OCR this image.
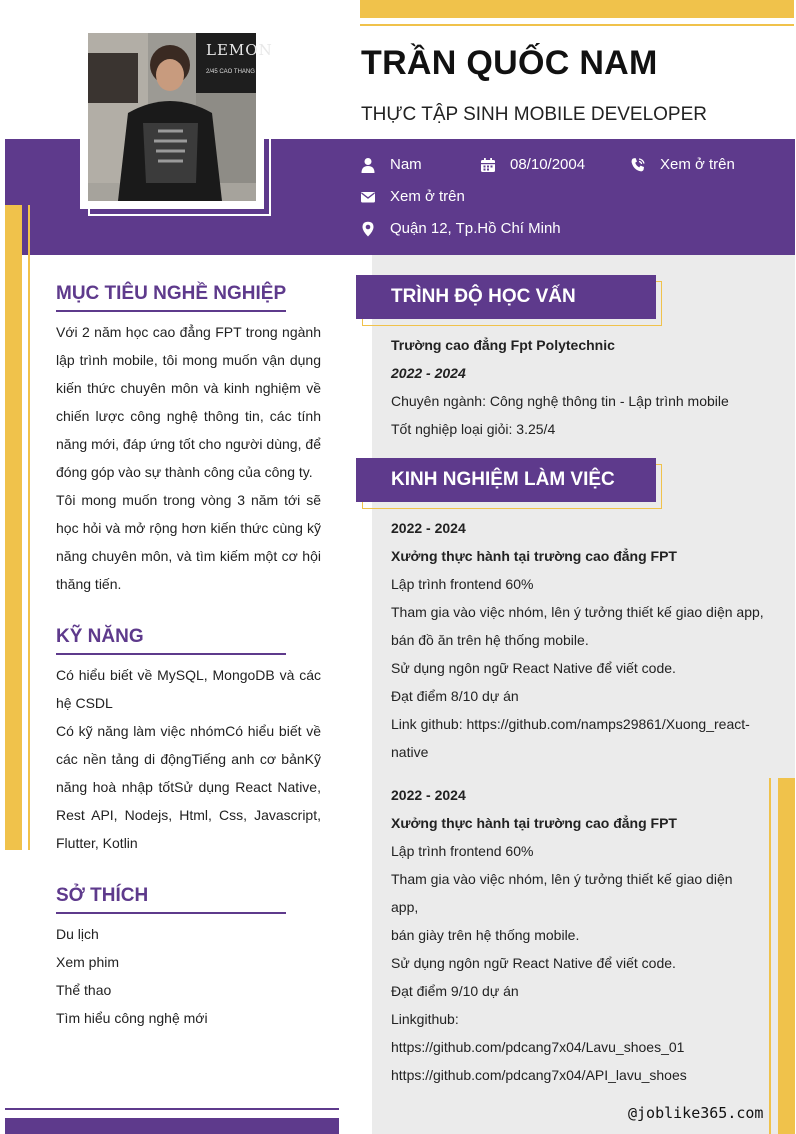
LEMON
2/45 CAO THANG	TRẦN QUỐC NAM
THỰC TẬP SINH MOBILE DEVELOPER
Nam	08/10/2004	Xem ở trên
Xem ở trên
Quận 12, Tp.Hồ Chí Minh
MỤC TIÊU NGHỀ NGHIỆP
Với 2 năm học cao đẳng FPT trong ngành
lập trình mobile, tôi mong muốn vận dụng
kiến thức chuyên môn và kinh nghiệm về
chiến lược công nghệ thông tin, các tính
năng mới, đáp ứng tốt cho người dùng, để
đóng góp vào sự thành công của công ty.
Tôi mong muốn trong vòng 3 năm tới sẽ
học hỏi và mở rộng hơn kiến thức cùng kỹ
năng chuyên môn, và tìm kiếm một cơ hội
thăng tiến.
KỸ NĂNG
Có hiểu biết về MySQL, MongoDB và các
hệ CSDL
Có kỹ năng làm việc nhómCó hiểu biết về
các nền tảng di độngTiếng anh cơ bảnKỹ
năng hoà nhập tốtSử dụng React Native,
Rest API, Nodejs, Html, Css, Javascript,
Flutter, Kotlin
SỞ THÍCH
Du lịch
Xem phim
Thể thao
Tìm hiểu công nghệ mới
TRÌNH ĐỘ HỌC VẤN
Trường cao đẳng Fpt Polytechnic
2022 - 2024
Chuyên ngành: Công nghệ thông tin - Lập trình mobile
Tốt nghiệp loại giỏi: 3.25/4
KINH NGHIỆM LÀM VIỆC
2022 - 2024
Xưởng thực hành tại trường cao đẳng FPT
Lập trình frontend 60%
Tham gia vào việc nhóm, lên ý tưởng thiết kế giao diện app,
bán đồ ăn trên hệ thống mobile.
Sử dụng ngôn ngữ React Native để viết code.
Đạt điểm 8/10 dự án
Link github: https://github.com/namps29861/Xuong_react-
native
2022 - 2024
Xưởng thực hành tại trường cao đẳng FPT
Lập trình frontend 60%
Tham gia vào việc nhóm, lên ý tưởng thiết kế giao diện app,
bán giày trên hệ thống mobile.
Sử dụng ngôn ngữ React Native để viết code.
Đạt điểm 9/10 dự án
Linkgithub:
https://github.com/pdcang7x04/Lavu_shoes_01
https://github.com/pdcang7x04/API_lavu_shoes
@joblike365.com
